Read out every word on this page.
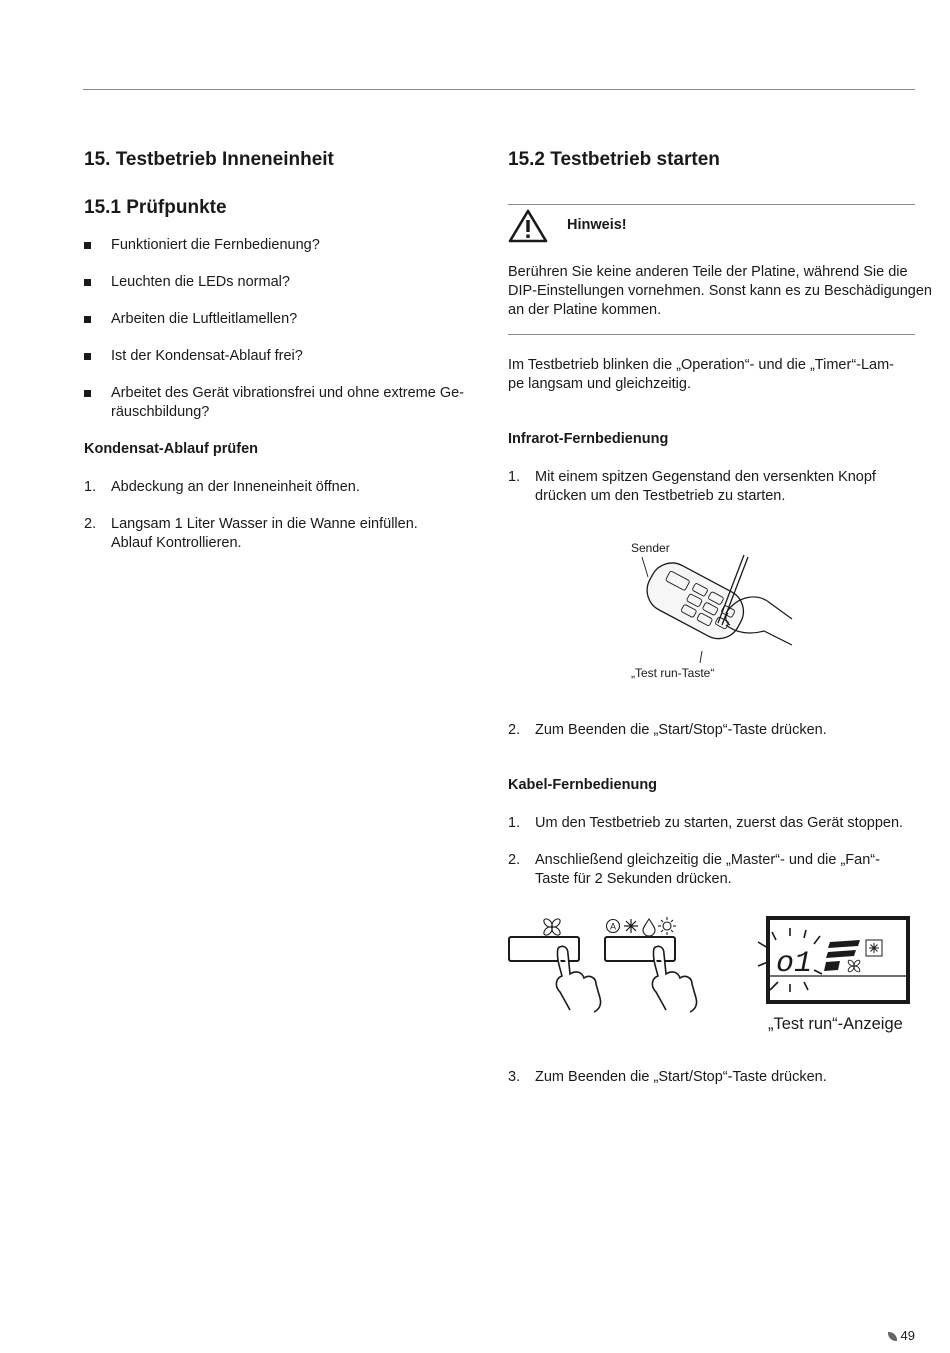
15. Testbetrieb Inneneinheit
15.1 Prüfpunkte
Funktioniert die Fernbedienung?
Leuchten die LEDs normal?
Arbeiten die Luftleitlamellen?
Ist der Kondensat-Ablauf frei?
Arbeitet des Gerät vibrationsfrei und ohne extreme Ge-
räuschbildung?
Kondensat-Ablauf prüfen
1. Abdeckung an der Inneneinheit öffnen.
2. Langsam 1 Liter Wasser in die Wanne einfüllen.
Ablauf Kontrollieren.
15.2 Testbetrieb starten
Hinweis!
Berühren Sie keine anderen Teile der Platine, während Sie die
DIP-Einstellungen vornehmen. Sonst kann es zu Beschädigungen
an der Platine kommen.
Im Testbetrieb blinken die „Operation“- und die „Timer“-Lam-
pe langsam und gleichzeitig.
Infrarot-Fernbedienung
1. Mit einem spitzen Gegenstand den versenkten Knopf
drücken um den Testbetrieb zu starten.
Sender
„Test run-Taste“
2. Zum Beenden die „Start/Stop“-Taste drücken.
Kabel-Fernbedienung
1. Um den Testbetrieb zu starten, zuerst das Gerät stoppen.
2. Anschließend gleichzeitig die „Master“- und die „Fan“-
Taste für 2 Sekunden drücken.
A
o1
„Test run“-Anzeige
3. Zum Beenden die „Start/Stop“-Taste drücken.
49
